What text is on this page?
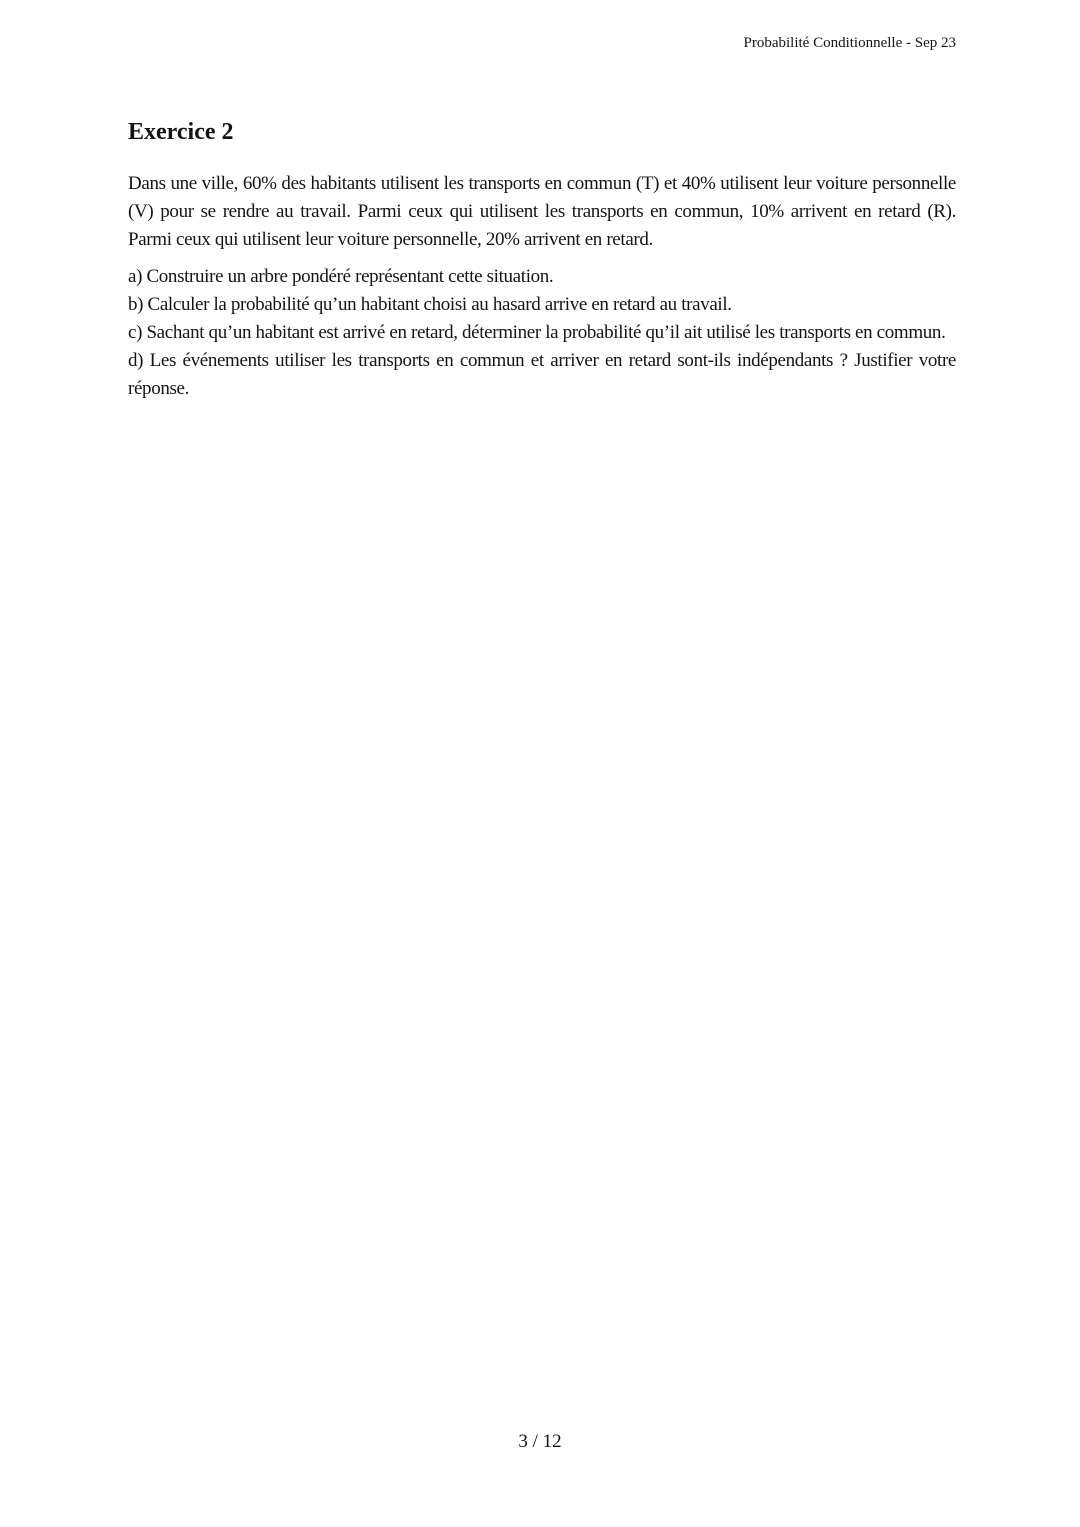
Probabilité Conditionnelle - Sep 23
Exercice 2

Dans une ville, 60% des habitants utilisent les transports en commun (T) et 40% utilisent leur voiture personnelle (V) pour se rendre au travail. Parmi ceux qui utilisent les transports en commun, 10% arrivent en retard (R). Parmi ceux qui utilisent leur voiture personnelle, 20% arrivent en retard.

a) Construire un arbre pondéré représentant cette situation.

b) Calculer la probabilité qu’un habitant choisi au hasard arrive en retard au travail.

c) Sachant qu’un habitant est arrivé en retard, déterminer la probabilité qu’il ait utilisé les transports en commun.

d) Les événements utiliser les transports en commun et arriver en retard sont-ils indépendants ? Justifier votre réponse.

3 / 12
